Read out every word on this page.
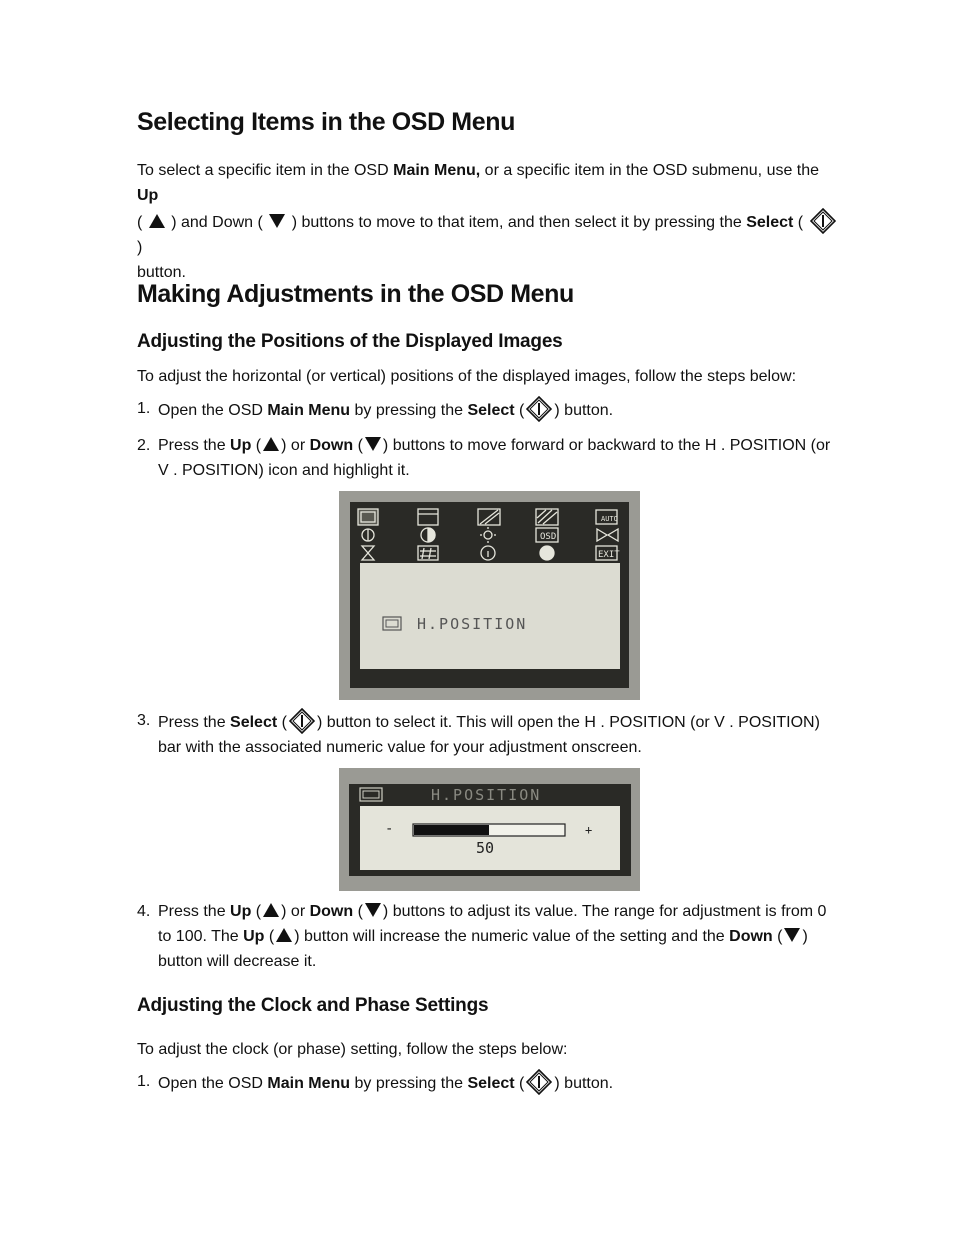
Selecting Items in the OSD Menu

To select a specific item in the OSD Main Menu, or a specific item in the OSD submenu, use the Up
( ) and Down ( ) buttons to move to that item, and then select it by pressing the Select (  )
button.

Making Adjustments in the OSD Menu
Adjusting the Positions of the Displayed Images

To adjust the horizontal (or vertical) positions of the displayed images, follow the steps below:

1. Open the OSD Main Menu by pressing the Select ( ) button.
2. Press the Up ( ) or Down ( ) buttons to move forward or backward to the H . POSITION (or V . POSITION) icon and highlight it.
3. Press the Select ( ) button to select it. This will open the H . POSITION (or V . POSITION) bar with the associated numeric value for your adjustment onscreen.
4. Press the Up ( ) or Down ( ) buttons to adjust its value. The range for adjustment is from 0 to 100. The Up ( ) button will increase the numeric value of the setting and the Down ( ) button will decrease it.
Adjusting the Clock and Phase Settings

To adjust the clock (or phase) setting, follow the steps below:

1. Open the OSD Main Menu by pressing the Select ( ) button.
AUTO
OSD
EXIT
H.POSITION
H.POSITION
-	+
50
